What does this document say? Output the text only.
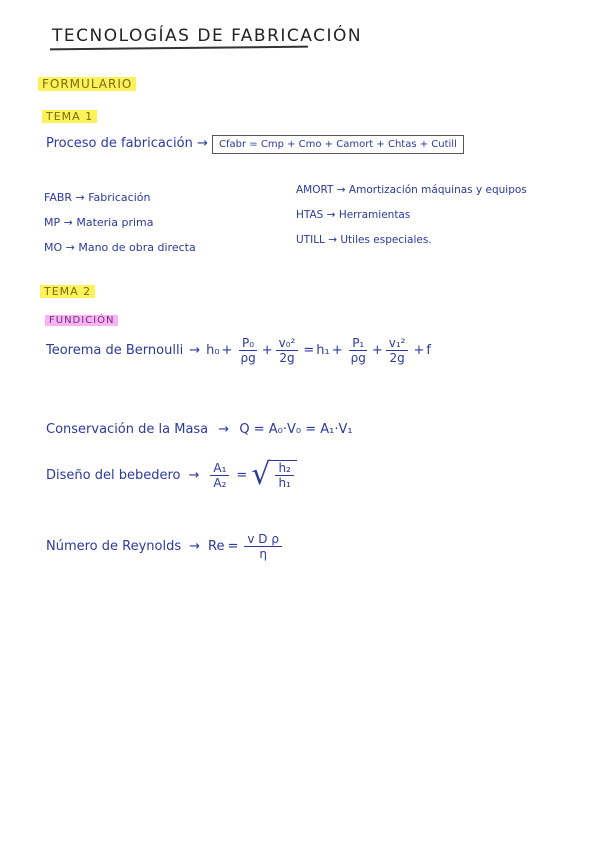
TECNOLOGÍAS DE FABRICACIÓN
FORMULARIO
TEMA 1
Proceso de fabricación → Cfabr = Cmp + Cmo + Camort + Chtas + Cutill
FABR → Fabricación
MP → Materia prima
MO → Mano de obra directa
AMORT → Amortización máquinas y equipos
HTAS → Herramientas
UTILL → Utiles especiales.
TEMA 2
FUNDICIÓN
Teorema de Bernoulli → $h_0 + \frac{\text{P₀}}{\rho g} + \frac{\text{v₀²}}{2g} = h_1 + \frac{\text{P₁}}{\rho g} + \frac{\text{v₁²}}{2g} + f$
Conservación de la Masa → Q = A₀·V₀ = A₁·V₁
Diseño del bebedero → $\frac{\text{A₁}}{\text{A₂}}$ = √ $\frac{\text{h₂}}{\text{h₁}}$
Número de Reynolds → $Re = \frac{\text{v D ρ}}{\eta}$
